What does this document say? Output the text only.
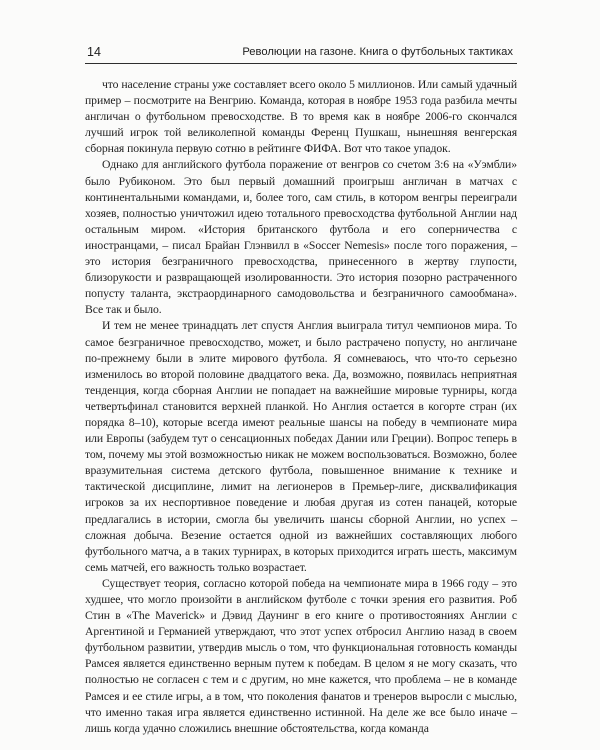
14	Революции на газоне. Книга о футбольных тактиках

что население страны уже составляет всего около 5 миллионов. Или самый удачный пример – посмотрите на Венгрию. Команда, которая в ноябре 1953 года разбила мечты англичан о футбольном превосходстве. В то время как в ноябре 2006-го скончался лучший игрок той великолепной команды Ференц Пушкаш, нынешняя венгерская сборная покинула первую сотню в рейтинге ФИФА. Вот что такое упадок.

Однако для английского футбола поражение от венгров со счетом 3:6 на «Уэмбли» было Рубиконом. Это был первый домашний проигрыш англичан в матчах с континентальными командами, и, более того, сам стиль, в котором венгры переиграли хозяев, полностью уничтожил идею тотального превосходства футбольной Англии над остальным миром. «История британского футбола и его соперничества с иностранцами, – писал Брайан Глэнвилл в «Soccer Nemesis» после того поражения, – это история безграничного превосходства, принесенного в жертву глупости, близорукости и развращающей изолированности. Это история позорно растраченного попусту таланта, экстраординарного самодовольства и безграничного самообмана». Все так и было.

И тем не менее тринадцать лет спустя Англия выиграла титул чемпионов мира. То самое безграничное превосходство, может, и было растрачено попусту, но англичане по-прежнему были в элите мирового футбола. Я сомневаюсь, что что-то серьезно изменилось во второй половине двадцатого века. Да, возможно, появилась неприятная тенденция, когда сборная Англии не попадает на важнейшие мировые турниры, когда четвертьфинал становится верхней планкой. Но Англия остается в когорте стран (их порядка 8–10), которые всегда имеют реальные шансы на победу в чемпионате мира или Европы (забудем тут о сенсационных победах Дании или Греции). Вопрос теперь в том, почему мы этой возможностью никак не можем воспользоваться. Возможно, более вразумительная система детского футбола, повышенное внимание к технике и тактической дисциплине, лимит на легионеров в Премьер-лиге, дисквалификация игроков за их неспортивное поведение и любая другая из сотен панацей, которые предлагались в истории, смогла бы увеличить шансы сборной Англии, но успех – сложная добыча. Везение остается одной из важнейших составляющих любого футбольного матча, а в таких турнирах, в которых приходится играть шесть, максимум семь матчей, его важность только возрастает.

Существует теория, согласно которой победа на чемпионате мира в 1966 году – это худшее, что могло произойти в английском футболе с точки зрения его развития. Роб Стин в «The Maverick» и Дэвид Даунинг в его книге о противостояниях Англии с Аргентиной и Германией утверждают, что этот успех отбросил Англию назад в своем футбольном развитии, утвердив мысль о том, что функциональная готовность команды Рамсея является единственно верным путем к победам. В целом я не могу сказать, что полностью не согласен с тем и с другим, но мне кажется, что проблема – не в команде Рамсея и ее стиле игры, а в том, что поколения фанатов и тренеров выросли с мыслью, что именно такая игра является единственно истинной. На деле же все было иначе – лишь когда удачно сложились внешние обстоятельства, когда команда
